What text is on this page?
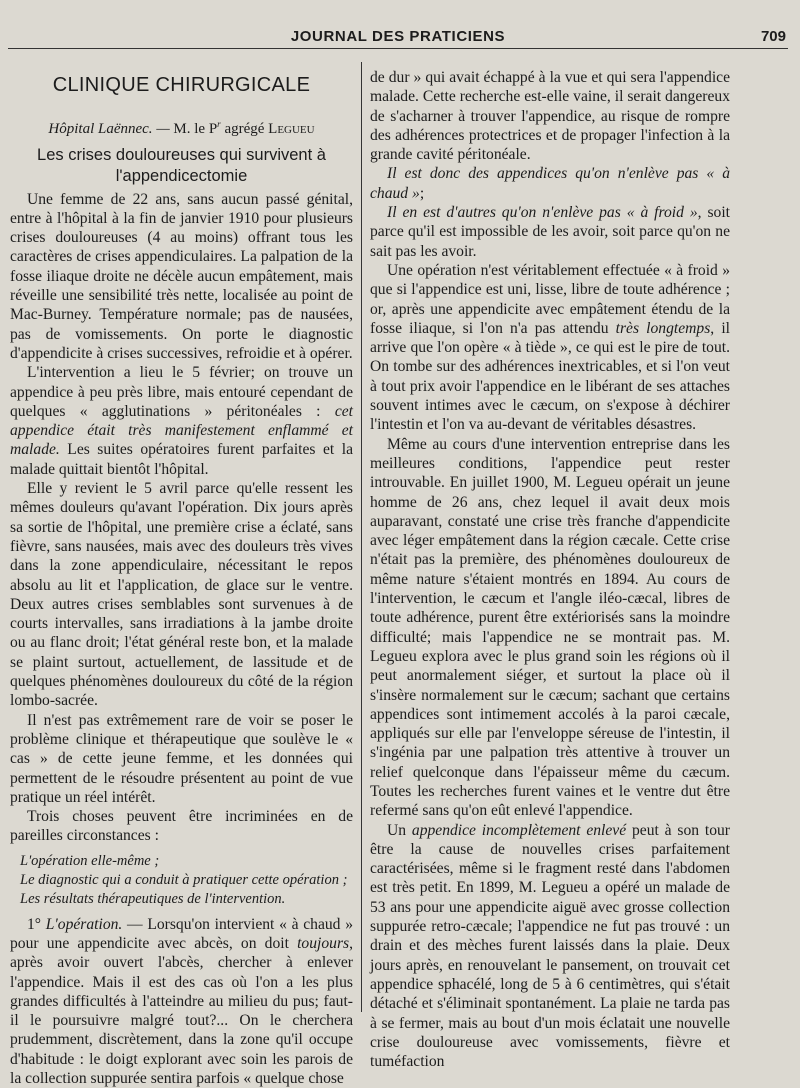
JOURNAL DES PRATICIENS	709
CLINIQUE CHIRURGICALE
Hôpital Laënnec. — M. le $P^r$ agrégé Legueu
Les crises douloureuses qui survivent à l'appendicectomie

Une femme de 22 ans, sans aucun passé génital, entre à l'hôpital à la fin de janvier 1910 pour plusieurs crises douloureuses (4 au moins) offrant tous les caractères de crises appendiculaires. La palpation de la fosse iliaque droite ne décèle aucun empâtement, mais réveille une sensibilité très nette, localisée au point de Mac-Burney. Température normale; pas de nausées, pas de vomissements. On porte le diagnostic d'appendicite à crises successives, refroidie et à opérer.

L'intervention a lieu le 5 février; on trouve un appendice à peu près libre, mais entouré cependant de quelques « agglutinations » péritonéales : cet appendice était très manifestement enflammé et malade. Les suites opératoires furent parfaites et la malade quittait bientôt l'hôpital.

Elle y revient le 5 avril parce qu'elle ressent les mêmes douleurs qu'avant l'opération. Dix jours après sa sortie de l'hôpital, une première crise a éclaté, sans fièvre, sans nausées, mais avec des douleurs très vives dans la zone appendiculaire, nécessitant le repos absolu au lit et l'application, de glace sur le ventre. Deux autres crises semblables sont survenues à de courts intervalles, sans irradiations à la jambe droite ou au flanc droit; l'état général reste bon, et la malade se plaint surtout, actuellement, de lassitude et de quelques phénomènes douloureux du côté de la région lombo-sacrée.

Il n'est pas extrêmement rare de voir se poser le problème clinique et thérapeutique que soulève le « cas » de cette jeune femme, et les données qui permettent de le résoudre présentent au point de vue pratique un réel intérêt.

Trois choses peuvent être incriminées en de pareilles circonstances :

L'opération elle-même ;
Le diagnostic qui a conduit à pratiquer cette opération ;
Les résultats thérapeutiques de l'intervention.

1° L'opération. — Lorsqu'on intervient « à chaud » pour une appendicite avec abcès, on doit toujours, après avoir ouvert l'abcès, chercher à enlever l'appendice. Mais il est des cas où l'on a les plus grandes difficultés à l'atteindre au milieu du pus; faut-il le poursuivre malgré tout?... On le cherchera prudemment, discrètement, dans la zone qu'il occupe d'habitude : le doigt explorant avec soin les parois de la collection suppurée sentira parfois « quelque chose

de dur » qui avait échappé à la vue et qui sera l'appendice malade. Cette recherche est-elle vaine, il serait dangereux de s'acharner à trouver l'appendice, au risque de rompre des adhérences protectrices et de propager l'infection à la grande cavité péritonéale.

Il est donc des appendices qu'on n'enlève pas « à chaud »;

Il en est d'autres qu'on n'enlève pas « à froid », soit parce qu'il est impossible de les avoir, soit parce qu'on ne sait pas les avoir.

Une opération n'est véritablement effectuée « à froid » que si l'appendice est uni, lisse, libre de toute adhérence ; or, après une appendicite avec empâtement étendu de la fosse iliaque, si l'on n'a pas attendu très longtemps, il arrive que l'on opère « à tiède », ce qui est le pire de tout. On tombe sur des adhérences inextricables, et si l'on veut à tout prix avoir l'appendice en le libérant de ses attaches souvent intimes avec le cæcum, on s'expose à déchirer l'intestin et l'on va au-devant de véritables désastres.

Même au cours d'une intervention entreprise dans les meilleures conditions, l'appendice peut rester introuvable. En juillet 1900, M. Legueu opérait un jeune homme de 26 ans, chez lequel il avait deux mois auparavant, constaté une crise très franche d'appendicite avec léger empâtement dans la région cæcale. Cette crise n'était pas la première, des phénomènes douloureux de même nature s'étaient montrés en 1894. Au cours de l'intervention, le cæcum et l'angle iléo-cæcal, libres de toute adhérence, purent être extériorisés sans la moindre difficulté; mais l'appendice ne se montrait pas. M. Legueu explora avec le plus grand soin les régions où il peut anormalement siéger, et surtout la place où il s'insère normalement sur le cæcum; sachant que certains appendices sont intimement accolés à la paroi cæcale, appliqués sur elle par l'enveloppe séreuse de l'intestin, il s'ingénia par une palpation très attentive à trouver un relief quelconque dans l'épaisseur même du cæcum. Toutes les recherches furent vaines et le ventre dut être refermé sans qu'on eût enlevé l'appendice.

Un appendice incomplètement enlevé peut à son tour être la cause de nouvelles crises parfaitement caractérisées, même si le fragment resté dans l'abdomen est très petit. En 1899, M. Legueu a opéré un malade de 53 ans pour une appendicite aiguë avec grosse collection suppurée retro-cæcale; l'appendice ne fut pas trouvé : un drain et des mèches furent laissés dans la plaie. Deux jours après, en renouvelant le pansement, on trouvait cet appendice sphacélé, long de 5 à 6 centimètres, qui s'était détaché et s'éliminait spontanément. La plaie ne tarda pas à se fermer, mais au bout d'un mois éclatait une nouvelle crise douloureuse avec vomissements, fièvre et tuméfaction
